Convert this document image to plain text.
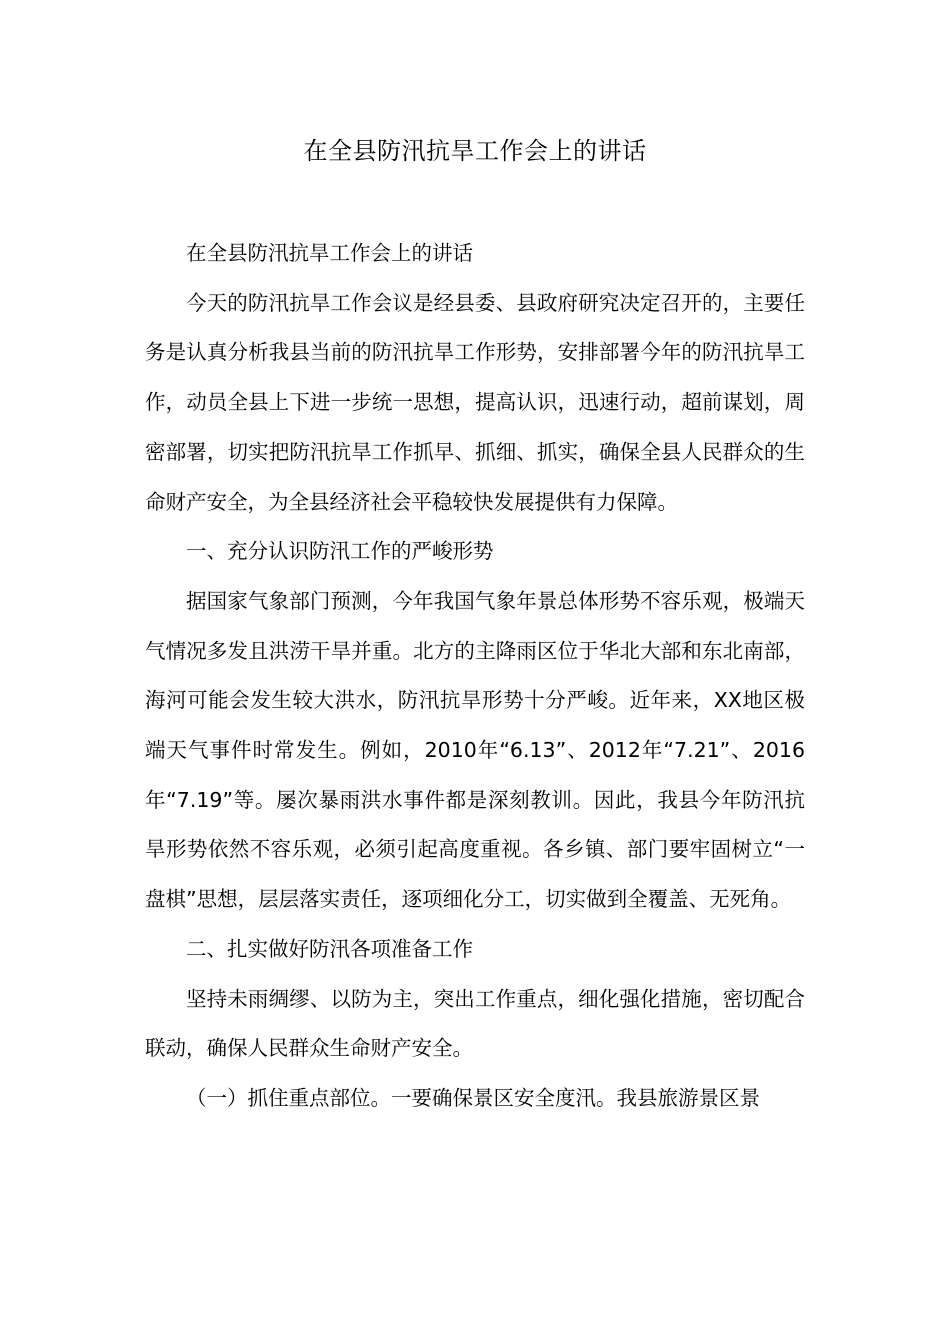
在全县防汛抗旱工作会上的讲话

在全县防汛抗旱工作会上的讲话

今天的防汛抗旱工作会议是经县委、县政府研究决定召开的，主要任务是认真分析我县当前的防汛抗旱工作形势，安排部署今年的防汛抗旱工作，动员全县上下进一步统一思想，提高认识，迅速行动，超前谋划，周密部署，切实把防汛抗旱工作抓早、抓细、抓实，确保全县人民群众的生命财产安全，为全县经济社会平稳较快发展提供有力保障。

一、充分认识防汛工作的严峻形势

据国家气象部门预测，今年我国气象年景总体形势不容乐观，极端天气情况多发且洪涝干旱并重。北方的主降雨区位于华北大部和东北南部，海河可能会发生较大洪水，防汛抗旱形势十分严峻。近年来，XX地区极端天气事件时常发生。例如，2010年“6.13”、2012年“7.21”、2016年“7.19”等。屡次暴雨洪水事件都是深刻教训。因此，我县今年防汛抗旱形势依然不容乐观，必须引起高度重视。各乡镇、部门要牢固树立“一盘棋”思想，层层落实责任，逐项细化分工，切实做到全覆盖、无死角。

二、扎实做好防汛各项准备工作

坚持未雨绸缪、以防为主，突出工作重点，细化强化措施，密切配合联动，确保人民群众生命财产安全。

（一）抓住重点部位。一要确保景区安全度汛。我县旅游景区景
